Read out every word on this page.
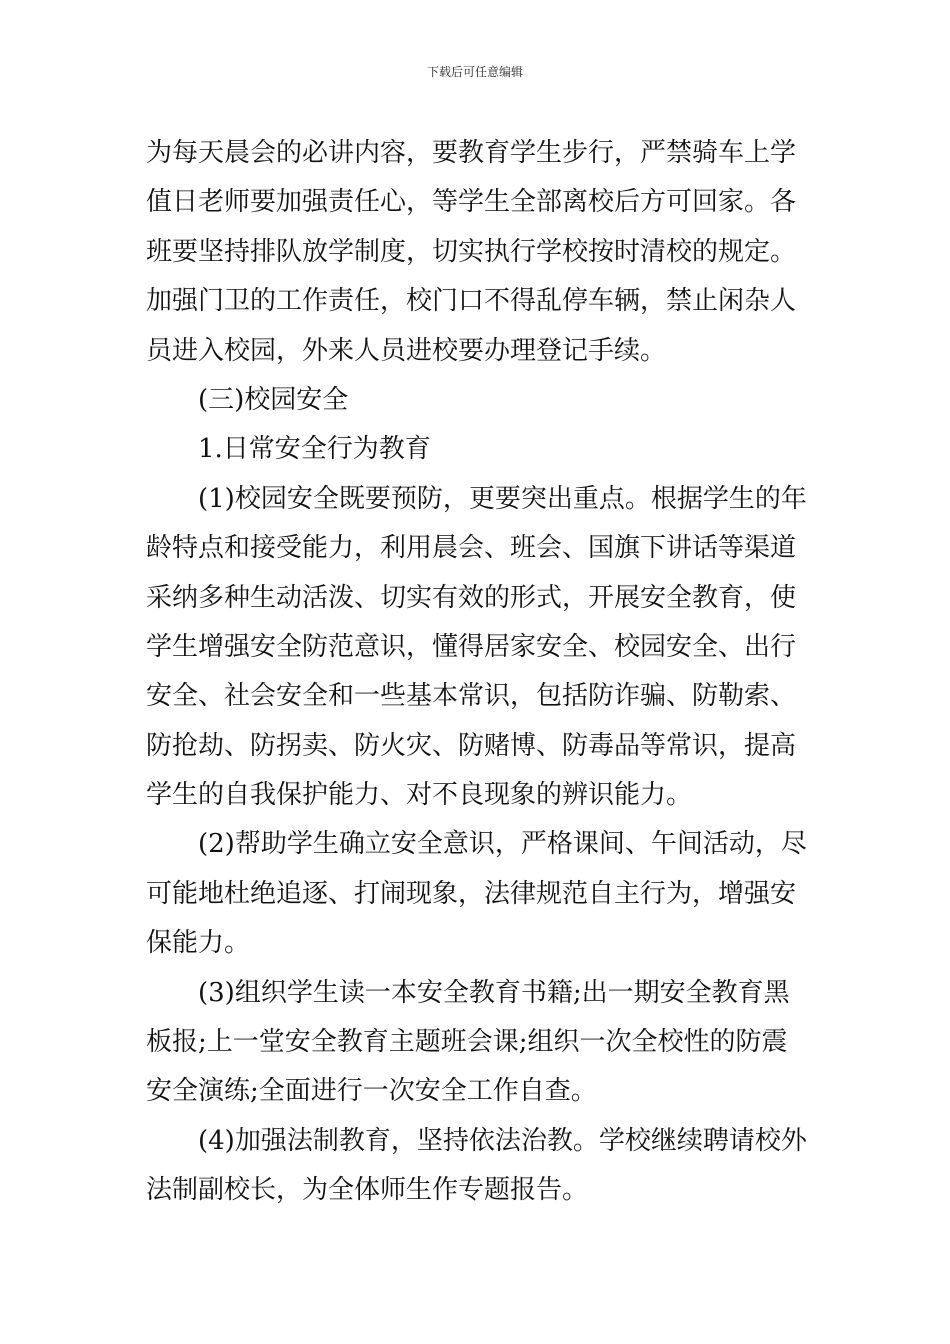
下载后可任意编辑
为每天晨会的必讲内容，要教育学生步行，严禁骑车上学
值日老师要加强责任心，等学生全部离校后方可回家。各
班要坚持排队放学制度，切实执行学校按时清校的规定。
加强门卫的工作责任，校门口不得乱停车辆，禁止闲杂人
员进入校园，外来人员进校要办理登记手续。
(三)校园安全
1.日常安全行为教育
(1)校园安全既要预防，更要突出重点。根据学生的年
龄特点和接受能力，利用晨会、班会、国旗下讲话等渠道
采纳多种生动活泼、切实有效的形式，开展安全教育，使
学生增强安全防范意识，懂得居家安全、校园安全、出行
安全、社会安全和一些基本常识，包括防诈骗、防勒索、
防抢劫、防拐卖、防火灾、防赌博、防毒品等常识，提高
学生的自我保护能力、对不良现象的辨识能力。
(2)帮助学生确立安全意识，严格课间、午间活动，尽
可能地杜绝追逐、打闹现象，法律规范自主行为，增强安
保能力。
(3)组织学生读一本安全教育书籍;出一期安全教育黑
板报;上一堂安全教育主题班会课;组织一次全校性的防震
安全演练;全面进行一次安全工作自查。
(4)加强法制教育，坚持依法治教。学校继续聘请校外
法制副校长，为全体师生作专题报告。
